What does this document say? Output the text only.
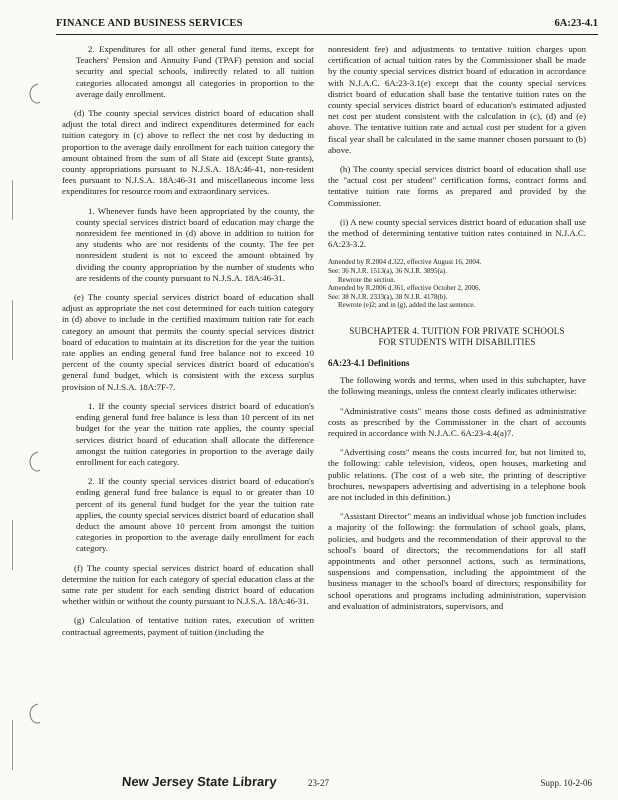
FINANCE AND BUSINESS SERVICES	6A:23-4.1

2. Expenditures for all other general fund items, except for Teachers' Pension and Annuity Fund (TPAF) pension and social security and special schools, indirectly related to all tuition categories allocated amongst all categories in proportion to the average daily enrollment.

(d) The county special services district board of education shall adjust the total direct and indirect expenditures determined for each tuition category in (c) above to reflect the net cost by deducting in proportion to the average daily enrollment for each tuition category the amount obtained from the sum of all State aid (except State grants), county appropriations pursuant to N.J.S.A. 18A:46-41, non-resident fees pursuant to N.J.S.A. 18A:46-31 and miscellaneous income less expenditures for resource room and extraordinary services.

1. Whenever funds have been appropriated by the county, the county special services district board of education may charge the nonresident fee mentioned in (d) above in addition to tuition for any students who are not residents of the county. The fee per nonresident student is not to exceed the amount obtained by dividing the county appropriation by the number of students who are residents of the county pursuant to N.J.S.A. 18A:46-31.

(e) The county special services district board of education shall adjust as appropriate the net cost determined for each tuition category in (d) above to include in the certified maximum tuition rate for each category an amount that permits the county special services district board of education to maintain at its discretion for the year the tuition rate applies an ending general fund free balance not to exceed 10 percent of the county special services district board of education's general fund budget, which is consistent with the excess surplus provision of N.J.S.A. 18A:7F-7.

1. If the county special services district board of education's ending general fund free balance is less than 10 percent of its net budget for the year the tuition rate applies, the county special services district board of education shall allocate the difference amongst the tuition categories in proportion to the average daily enrollment for each category.

2. If the county special services district board of education's ending general fund free balance is equal to or greater than 10 percent of its general fund budget for the year the tuition rate applies, the county special services district board of education shall deduct the amount above 10 percent from amongst the tuition categories in proportion to the average daily enrollment for each category.

(f) The county special services district board of education shall determine the tuition for each category of special education class at the same rate per student for each sending district board of education whether within or without the county pursuant to N.J.S.A. 18A:46-31.

(g) Calculation of tentative tuition rates, execution of written contractual agreements, payment of tuition (including the

nonresident fee) and adjustments to tentative tuition charges upon certification of actual tuition rates by the Commissioner shall be made by the county special services district board of education in accordance with N.J.A.C. 6A:23-3.1(e) except that the county special services district board of education shall base the tentative tuition rates on the county special services district board of education's estimated adjusted net cost per student consistent with the calculation in (c), (d) and (e) above. The tentative tuition rate and actual cost per student for a given fiscal year shall be calculated in the same manner chosen pursuant to (b) above.

(h) The county special services district board of education shall use the "actual cost per student" certification forms, contract forms and tentative tuition rate forms as prepared and provided by the Commissioner.

(i) A new county special services district board of education shall use the method of determining tentative tuition rates contained in N.J.A.C. 6A:23-3.2.

Amended by R.2004 d.322, effective August 16, 2004.
See: 36 N.J.R. 1513(a), 36 N.J.R. 3895(a).
Rewrote the section.
Amended by R.2006 d.361, effective October 2, 2006.
See: 38 N.J.R. 2333(a), 38 N.J.R. 4178(b).
Rewrote (e)2; and in (g), added the last sentence.
SUBCHAPTER 4. TUITION FOR PRIVATE SCHOOLS
FOR STUDENTS WITH DISABILITIES
6A:23-4.1 Definitions

The following words and terms, when used in this subchapter, have the following meanings, unless the context clearly indicates otherwise:

"Administrative costs" means those costs defined as administrative costs as prescribed by the Commissioner in the chart of accounts required in accordance with N.J.A.C. 6A:23-4.4(a)7.

"Advertising costs" means the costs incurred for, but not limited to, the following: cable television, videos, open houses, marketing and public relations. (The cost of a web site, the printing of descriptive brochures, newspapers advertising and advertising in a telephone book are not included in this definition.)

"Assistant Director" means an individual whose job function includes a majority of the following: the formulation of school goals, plans, policies, and budgets and the recommendation of their approval to the school's board of directors; the recommendations for all staff appointments and other personnel actions, such as terminations, suspensions and compensation, including the appointment of the business manager to the school's board of directors; responsibility for school operations and programs including administration, supervision and evaluation of administrators, supervisors, and

New Jersey State Library	23-27	Supp. 10-2-06
